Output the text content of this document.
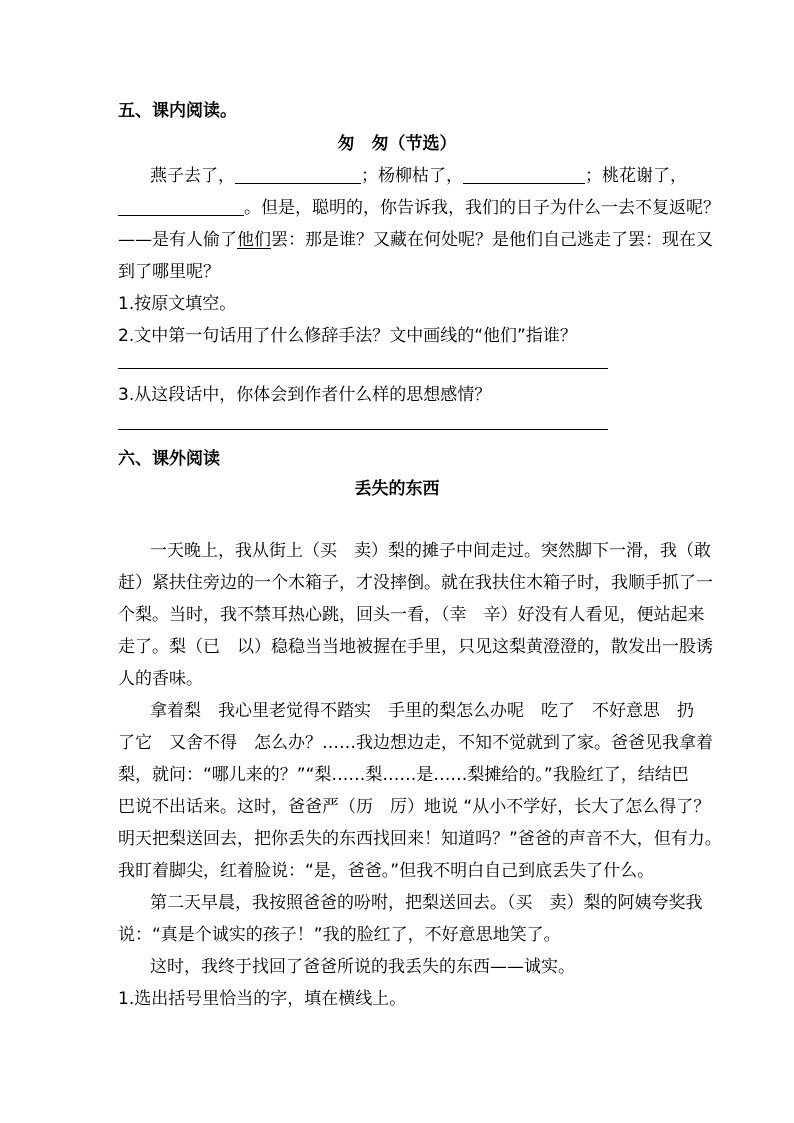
五、课内阅读。
匆　匆（节选）
燕子去了，	；杨柳枯了，	；桃花谢了，
。但是，聪明的，你告诉我，我们的日子为什么一去不复返呢？
——是有人偷了他们罢：那是谁？又藏在何处呢？是他们自己逃走了罢：现在又
到了哪里呢？
1.按原文填空。
2.文中第一句话用了什么修辞手法？文中画线的“他们”指谁？
3.从这段话中，你体会到作者什么样的思想感情？
六、课外阅读
丢失的东西
一天晚上，我从街上（买　卖）梨的摊子中间走过。突然脚下一滑，我（敢
赶）紧扶住旁边的一个木箱子，才没摔倒。就在我扶住木箱子时，我顺手抓了一
个梨。当时，我不禁耳热心跳，回头一看，（幸　辛）好没有人看见，便站起来
走了。梨（已　以）稳稳当当地被握在手里，只见这梨黄澄澄的，散发出一股诱
人的香味。
拿着梨　我心里老觉得不踏实　手里的梨怎么办呢　吃了　不好意思　扔
了它　又舍不得　怎么办？……我边想边走，不知不觉就到了家。爸爸见我拿着
梨，就问：“哪儿来的？”“梨……梨……是……梨摊给的。”我脸红了，结结巴
巴说不出话来。这时，爸爸严（历　厉）地说 “从小不学好，长大了怎么得了？
明天把梨送回去，把你丢失的东西找回来！知道吗？”爸爸的声音不大，但有力。
我盯着脚尖，红着脸说：“是，爸爸。”但我不明白自己到底丢失了什么。
第二天早晨，我按照爸爸的吩咐，把梨送回去。（买　卖）梨的阿姨夸奖我
说：“真是个诚实的孩子！”我的脸红了，不好意思地笑了。
这时，我终于找回了爸爸所说的我丢失的东西——诚实。
1.选出括号里恰当的字，填在横线上。
